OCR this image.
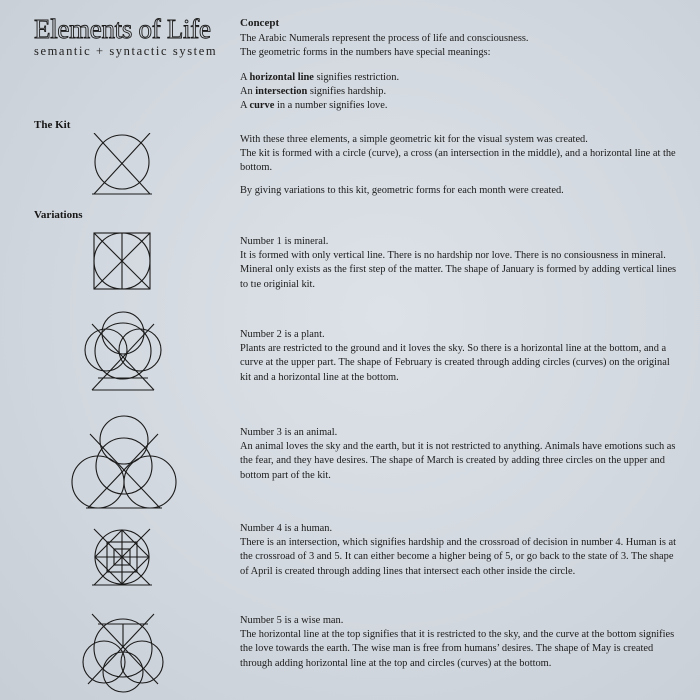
Elements of Life
semantic + syntactic system

Concept

The Arabic Numerals represent the process of life and consciousness.

The geometric forms in the numbers have special meanings:

A horizontal line signifies restriction.

An intersection signifies hardship.

A curve in a number signifies love.

The Kit

With these three elements, a simple geometric kit for the visual system was created.

The kit is formed with a circle (curve), a cross (an intersection in the middle), and a horizontal line at the bottom.

By giving variations to this kit, geometric forms for each month were created.

Variations

Number 1 is mineral.

It is formed with only vertical line. There is no hardship nor love. There is no consiousness in mineral. Mineral only exists as the first step of the matter. The shape of January is formed by adding vertical lines to tıe originial kit.

Number 2 is a plant.

Plants are restricted to the ground and it loves the sky. So there is a horizontal line at the bottom, and a curve at the upper part. The shape of February is created through adding circles (curves) on the original kit and a horizontal line at the bottom.

Number 3 is an animal.

An animal loves the sky and the earth, but it is not restricted to anything. Animals have emotions such as the fear, and they have desires. The shape of March is created by adding three circles on the upper and bottom part of the kit.

Number 4 is a human.

There is an intersection, which signifies hardship and the crossroad of decision in number 4. Human is at the crossroad of 3 and 5. It can either become a higher being of 5, or go back to the state of 3. The shape of April is created through adding lines that intersect each other inside the circle.

Number 5 is a wise man.

The horizontal line at the top signifies that it is restricted to the sky, and the curve at the bottom signifies the love towards the earth. The wise man is free from humans’ desires. The shape of May is created through adding horizontal line at the top and circles (curves) at the bottom.
